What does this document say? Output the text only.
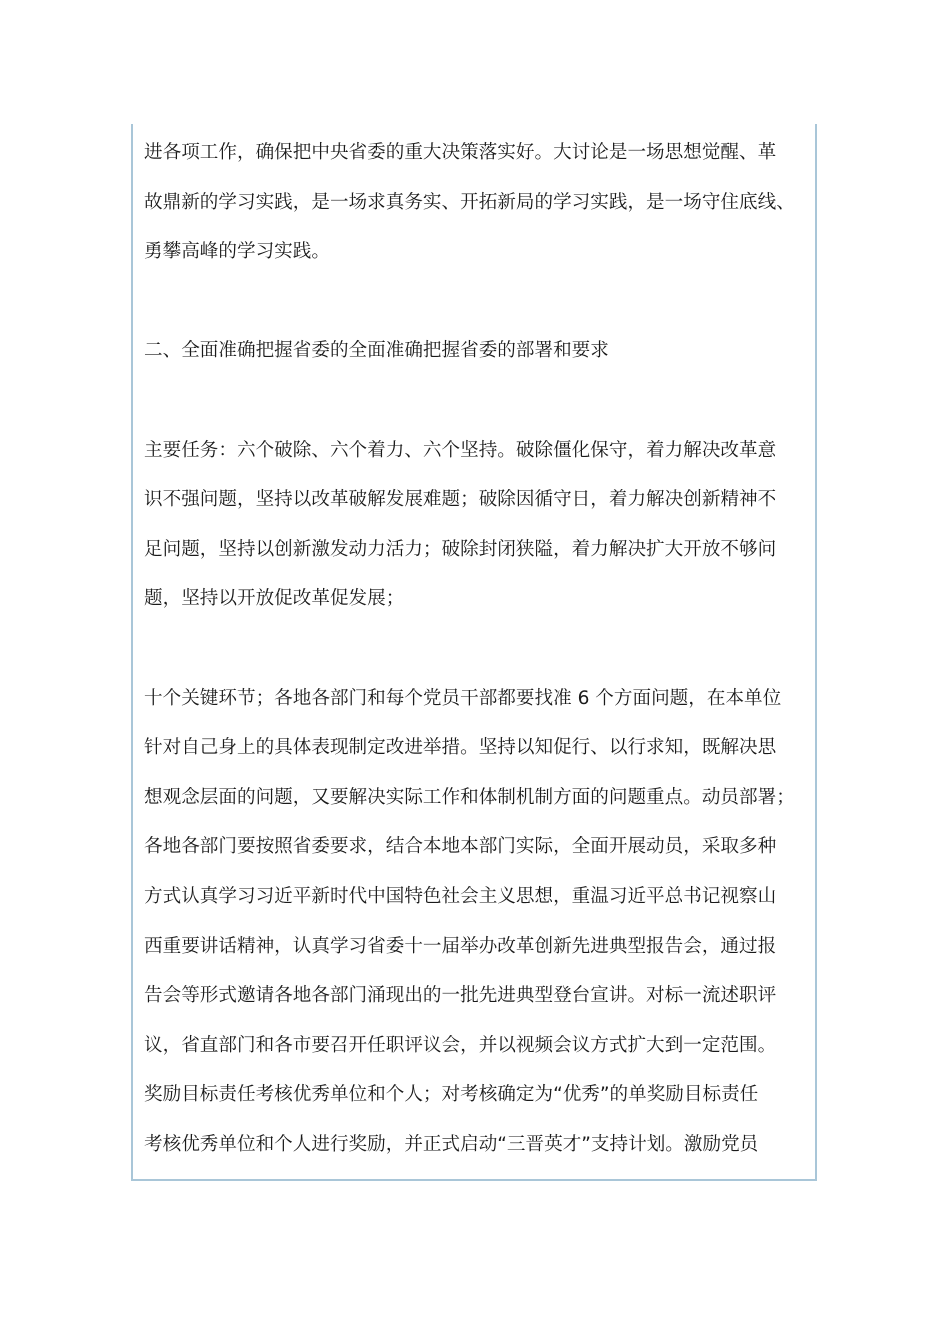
进各项工作，确保把中央省委的重大决策落实好。大讨论是一场思想觉醒、革
故鼎新的学习实践，是一场求真务实、开拓新局的学习实践，是一场守住底线、
勇攀高峰的学习实践。

二、全面准确把握省委的全面准确把握省委的部署和要求

主要任务：六个破除、六个着力、六个坚持。破除僵化保守，着力解决改革意
识不强问题，坚持以改革破解发展难题；破除因循守日，着力解决创新精神不
足问题，坚持以创新激发动力活力；破除封闭狭隘，着力解决扩大开放不够问
题，坚持以开放促改革促发展；

十个关键环节；各地各部门和每个党员干部都要找准 6 个方面问题，在本单位
针对自己身上的具体表现制定改进举措。坚持以知促行、以行求知，既解决思
想观念层面的问题，又要解决实际工作和体制机制方面的问题重点。动员部署；
各地各部门要按照省委要求，结合本地本部门实际，全面开展动员，采取多种
方式认真学习习近平新时代中国特色社会主义思想，重温习近平总书记视察山
西重要讲话精神，认真学习省委十一届举办改革创新先进典型报告会，通过报
告会等形式邀请各地各部门涌现出的一批先进典型登台宣讲。对标一流述职评
议，省直部门和各市要召开任职评议会，并以视频会议方式扩大到一定范围。
奖励目标责任考核优秀单位和个人；对考核确定为“优秀”的单奖励目标责任
考核优秀单位和个人进行奖励，并正式启动“三晋英才”支持计划。激励党员
